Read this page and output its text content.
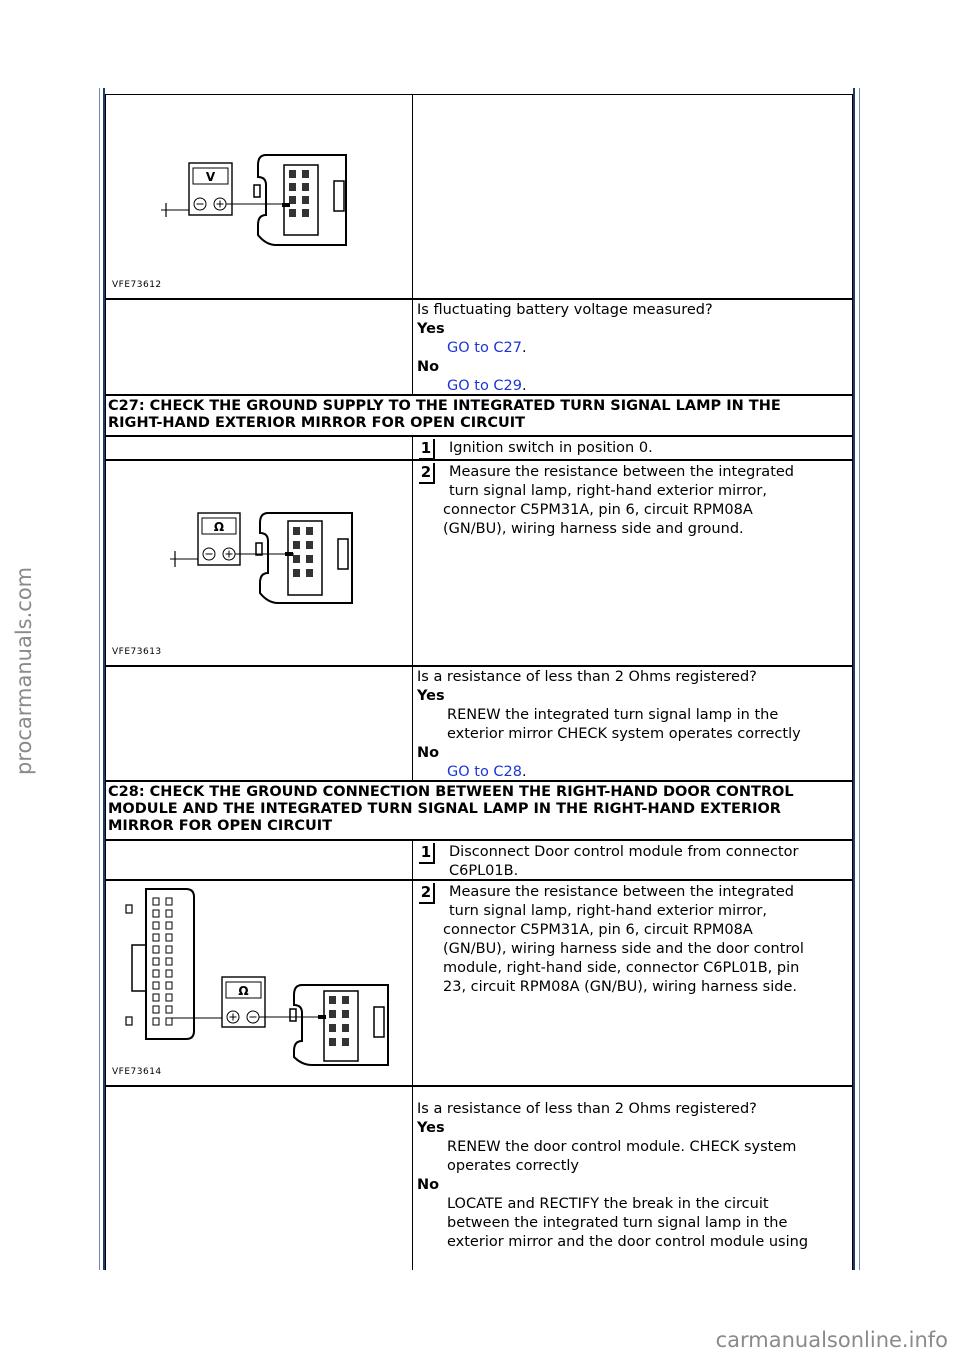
procarmanuals.com
carmanualsonline.info
V
VFE73612
Is fluctuating battery voltage measured?
Yes
GO to C27.
No
GO to C29.
C27: CHECK THE GROUND SUPPLY TO THE INTEGRATED TURN SIGNAL LAMP IN THE
RIGHT-HAND EXTERIOR MIRROR FOR OPEN CIRCUIT
1	Ignition switch in position 0.
Ω
VFE73613
2 Measure the resistance between the integrated
turn signal lamp, right-hand exterior mirror,
connector C5PM31A, pin 6, circuit RPM08A
(GN/BU), wiring harness side and ground.
Is a resistance of less than 2 Ohms registered?
Yes
RENEW the integrated turn signal lamp in the
exterior mirror CHECK system operates correctly
No
GO to C28.
C28: CHECK THE GROUND CONNECTION BETWEEN THE RIGHT-HAND DOOR CONTROL
MODULE AND THE INTEGRATED TURN SIGNAL LAMP IN THE RIGHT-HAND EXTERIOR
MIRROR FOR OPEN CIRCUIT
1 Disconnect Door control module from connector
C6PL01B.
Ω
VFE73614
2 Measure the resistance between the integrated
turn signal lamp, right-hand exterior mirror,
connector C5PM31A, pin 6, circuit RPM08A
(GN/BU), wiring harness side and the door control
module, right-hand side, connector C6PL01B, pin
23, circuit RPM08A (GN/BU), wiring harness side.
Is a resistance of less than 2 Ohms registered?
Yes
RENEW the door control module. CHECK system
operates correctly
No
LOCATE and RECTIFY the break in the circuit
between the integrated turn signal lamp in the
exterior mirror and the door control module using
